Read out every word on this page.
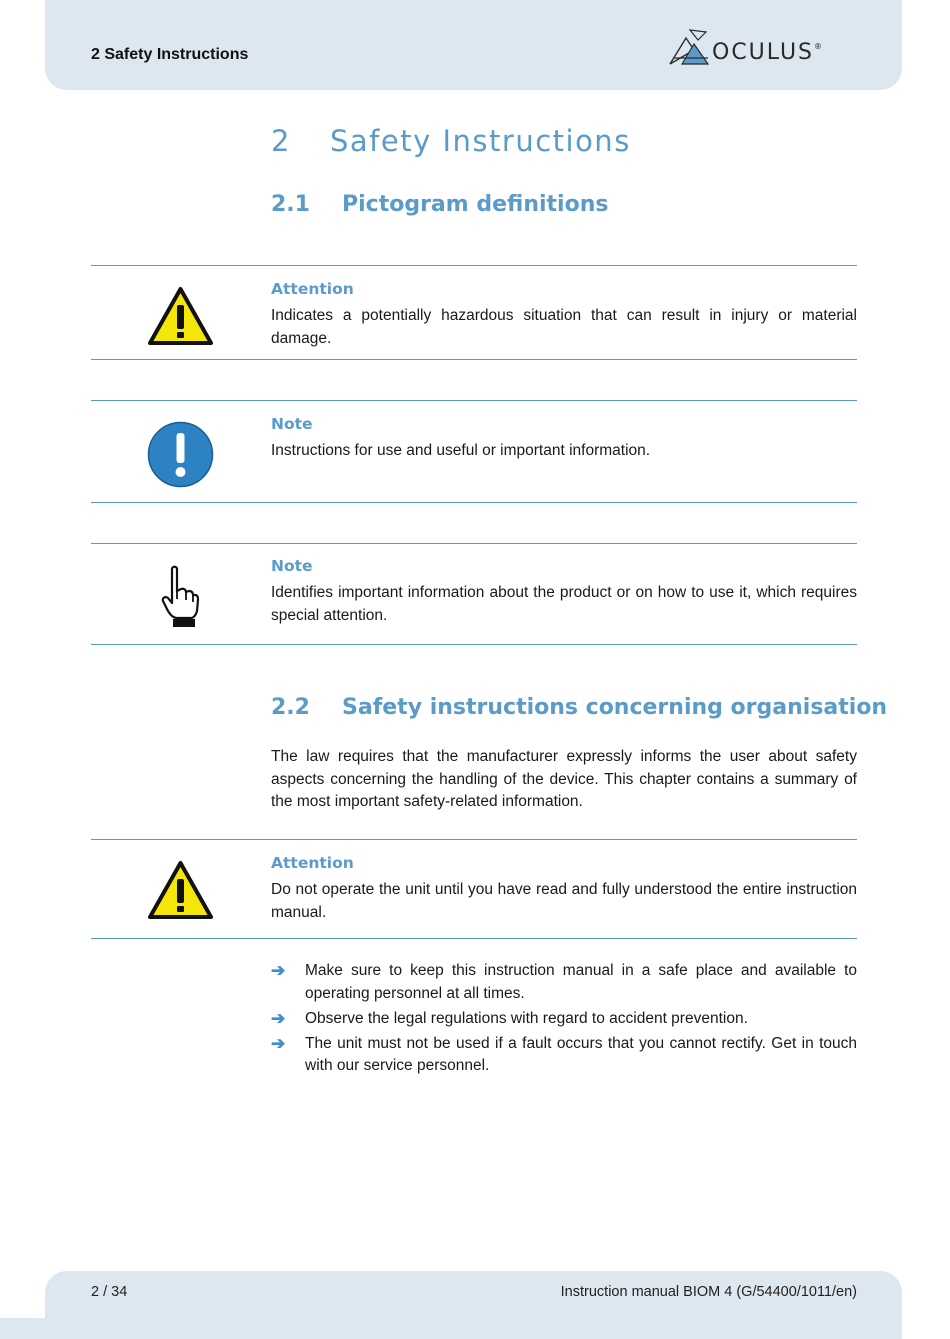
2 Safety Instructions	OCULUS®
2 Safety Instructions
2.1 Pictogram definitions
Attention
Indicates a potentially hazardous situation that can result in injury or material damage.
Note
Instructions for use and useful or important information.
Note
Identifies important information about the product or on how to use it, which requires special attention.
2.2 Safety instructions concerning organisation
The law requires that the manufacturer expressly informs the user about safety aspects concerning the handling of the device. This chapter contains a summary of the most important safety-related information.
Attention
Do not operate the unit until you have read and fully understood the entire instruction manual.
➔ Make sure to keep this instruction manual in a safe place and available to operating personnel at all times.
➔ Observe the legal regulations with regard to accident prevention.
➔ The unit must not be used if a fault occurs that you cannot rectify. Get in touch with our service personnel.
2 / 34	Instruction manual BIOM 4 (G/54400/1011/en)
